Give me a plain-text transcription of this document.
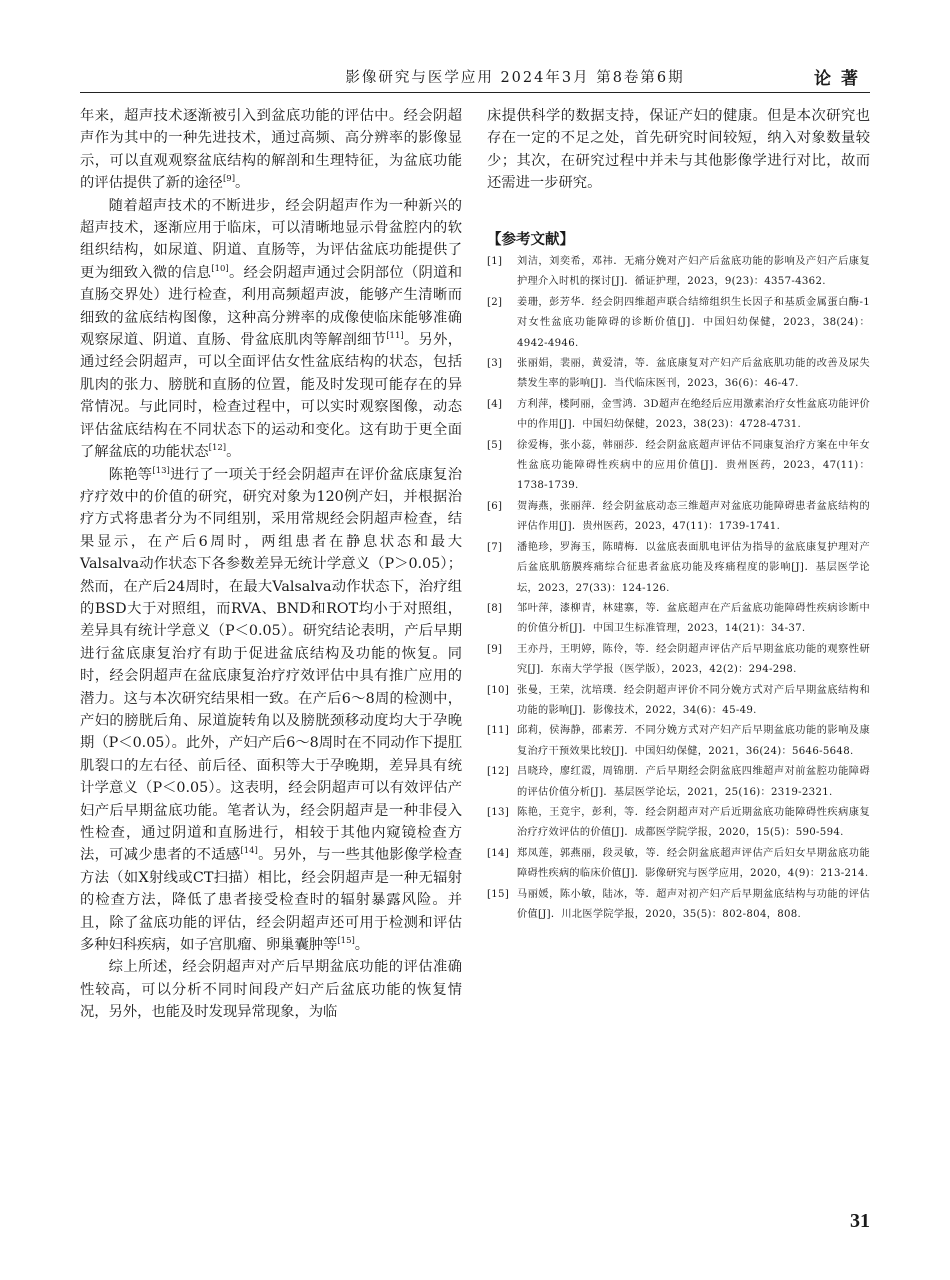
影像研究与医学应用 2024年3月 第8卷第6期	论著

年来，超声技术逐渐被引入到盆底功能的评估中。经会阴超声作为其中的一种先进技术，通过高频、高分辨率的影像显示，可以直观观察盆底结构的解剖和生理特征，为盆底功能的评估提供了新的途径[9]。

随着超声技术的不断进步，经会阴超声作为一种新兴的超声技术，逐渐应用于临床，可以清晰地显示骨盆腔内的软组织结构，如尿道、阴道、直肠等，为评估盆底功能提供了更为细致入微的信息[10]。经会阴超声通过会阴部位（阴道和直肠交界处）进行检查，利用高频超声波，能够产生清晰而细致的盆底结构图像，这种高分辨率的成像使临床能够准确观察尿道、阴道、直肠、骨盆底肌肉等解剖细节[11]。另外，通过经会阴超声，可以全面评估女性盆底结构的状态，包括肌肉的张力、膀胱和直肠的位置，能及时发现可能存在的异常情况。与此同时，检查过程中，可以实时观察图像，动态评估盆底结构在不同状态下的运动和变化。这有助于更全面了解盆底的功能状态[12]。

陈艳等[13]进行了一项关于经会阴超声在评价盆底康复治疗疗效中的价值的研究，研究对象为120例产妇，并根据治疗方式将患者分为不同组别，采用常规经会阴超声检查，结果显示，在产后6周时，两组患者在静息状态和最大Valsalva动作状态下各参数差异无统计学意义（P＞0.05）；然而，在产后24周时，在最大Valsalva动作状态下，治疗组的BSD大于对照组，而RVA、BND和ROT均小于对照组，差异具有统计学意义（P＜0.05）。研究结论表明，产后早期进行盆底康复治疗有助于促进盆底结构及功能的恢复。同时，经会阴超声在盆底康复治疗疗效评估中具有推广应用的潜力。这与本次研究结果相一致。在产后6～8周的检测中，产妇的膀胱后角、尿道旋转角以及膀胱颈移动度均大于孕晚期（P＜0.05）。此外，产妇产后6～8周时在不同动作下提肛肌裂口的左右径、前后径、面积等大于孕晚期，差异具有统计学意义（P＜0.05）。这表明，经会阴超声可以有效评估产妇产后早期盆底功能。笔者认为，经会阴超声是一种非侵入性检查，通过阴道和直肠进行，相较于其他内窥镜检查方法，可减少患者的不适感[14]。另外，与一些其他影像学检查方法（如X射线或CT扫描）相比，经会阴超声是一种无辐射的检查方法，降低了患者接受检查时的辐射暴露风险。并且，除了盆底功能的评估，经会阴超声还可用于检测和评估多种妇科疾病，如子宫肌瘤、卵巢囊肿等[15]。

综上所述，经会阴超声对产后早期盆底功能的评估准确性较高，可以分析不同时间段产妇产后盆底功能的恢复情况，另外，也能及时发现异常现象，为临

床提供科学的数据支持，保证产妇的健康。但是本次研究也存在一定的不足之处，首先研究时间较短，纳入对象数量较少；其次，在研究过程中并未与其他影像学进行对比，故而还需进一步研究。

【参考文献】
[1] 刘洁，刘奕希，邓祎．无痛分娩对产妇产后盆底功能的影响及产妇产后康复护理介入时机的探讨[J]．循证护理，2023，9(23)：4357-4362.
[2] 姜珊，彭芳华．经会阴四维超声联合结缔组织生长因子和基质金属蛋白酶-1对女性盆底功能障碍的诊断价值[J]．中国妇幼保健，2023，38(24)：4942-4946.
[3] 张丽娟，裴丽，黄爱清，等．盆底康复对产妇产后盆底肌功能的改善及尿失禁发生率的影响[J]．当代临床医刊，2023，36(6)：46-47.
[4] 方利萍，楼阿丽，金雪鸿．3D超声在绝经后应用激素治疗女性盆底功能评价中的作用[J]．中国妇幼保健，2023，38(23)：4728-4731.
[5] 徐爱梅，张小蕊，韩丽莎．经会阴盆底超声评估不同康复治疗方案在中年女性盆底功能障碍性疾病中的应用价值[J]．贵州医药，2023，47(11)：1738-1739.
[6] 贺海燕，张丽萍．经会阴盆底动态三维超声对盆底功能障碍患者盆底结构的评估作用[J]．贵州医药，2023，47(11)：1739-1741.
[7] 潘艳珍，罗海玉，陈晴梅．以盆底表面肌电评估为指导的盆底康复护理对产后盆底肌筋膜疼痛综合征患者盆底功能及疼痛程度的影响[J]．基层医学论坛，2023，27(33)：124-126.
[8] 邹叶萍，漆柳青，林建寨，等．盆底超声在产后盆底功能障碍性疾病诊断中的价值分析[J]．中国卫生标准管理，2023，14(21)：34-37.
[9] 王亦丹，王明婷，陈伶，等．经会阴超声评估产后早期盆底功能的观察性研究[J]．东南大学学报（医学版），2023，42(2)：294-298.
[10] 张曼，王荣，沈培璞．经会阴超声评价不同分娩方式对产后早期盆底结构和功能的影响[J]．影像技术，2022，34(6)：45-49.
[11] 邱莉，侯海静，邵素芳．不同分娩方式对产妇产后早期盆底功能的影响及康复治疗干预效果比较[J]．中国妇幼保健，2021，36(24)：5646-5648.
[12] 吕晓玲，廖红霞，周锦朋．产后早期经会阴盆底四维超声对前盆腔功能障碍的评估价值分析[J]．基层医学论坛，2021，25(16)：2319-2321.
[13] 陈艳，王竞宇，彭利，等．经会阴超声对产后近期盆底功能障碍性疾病康复治疗疗效评估的价值[J]．成都医学院学报，2020，15(5)：590-594.
[14] 郑凤莲，郭燕丽，段灵敏，等．经会阴盆底超声评估产后妇女早期盆底功能障碍性疾病的临床价值[J]．影像研究与医学应用，2020，4(9)：213-214.
[15] 马丽媛，陈小敏，陆冰，等．超声对初产妇产后早期盆底结构与功能的评估价值[J]．川北医学院学报，2020，35(5)：802-804，808.
31
